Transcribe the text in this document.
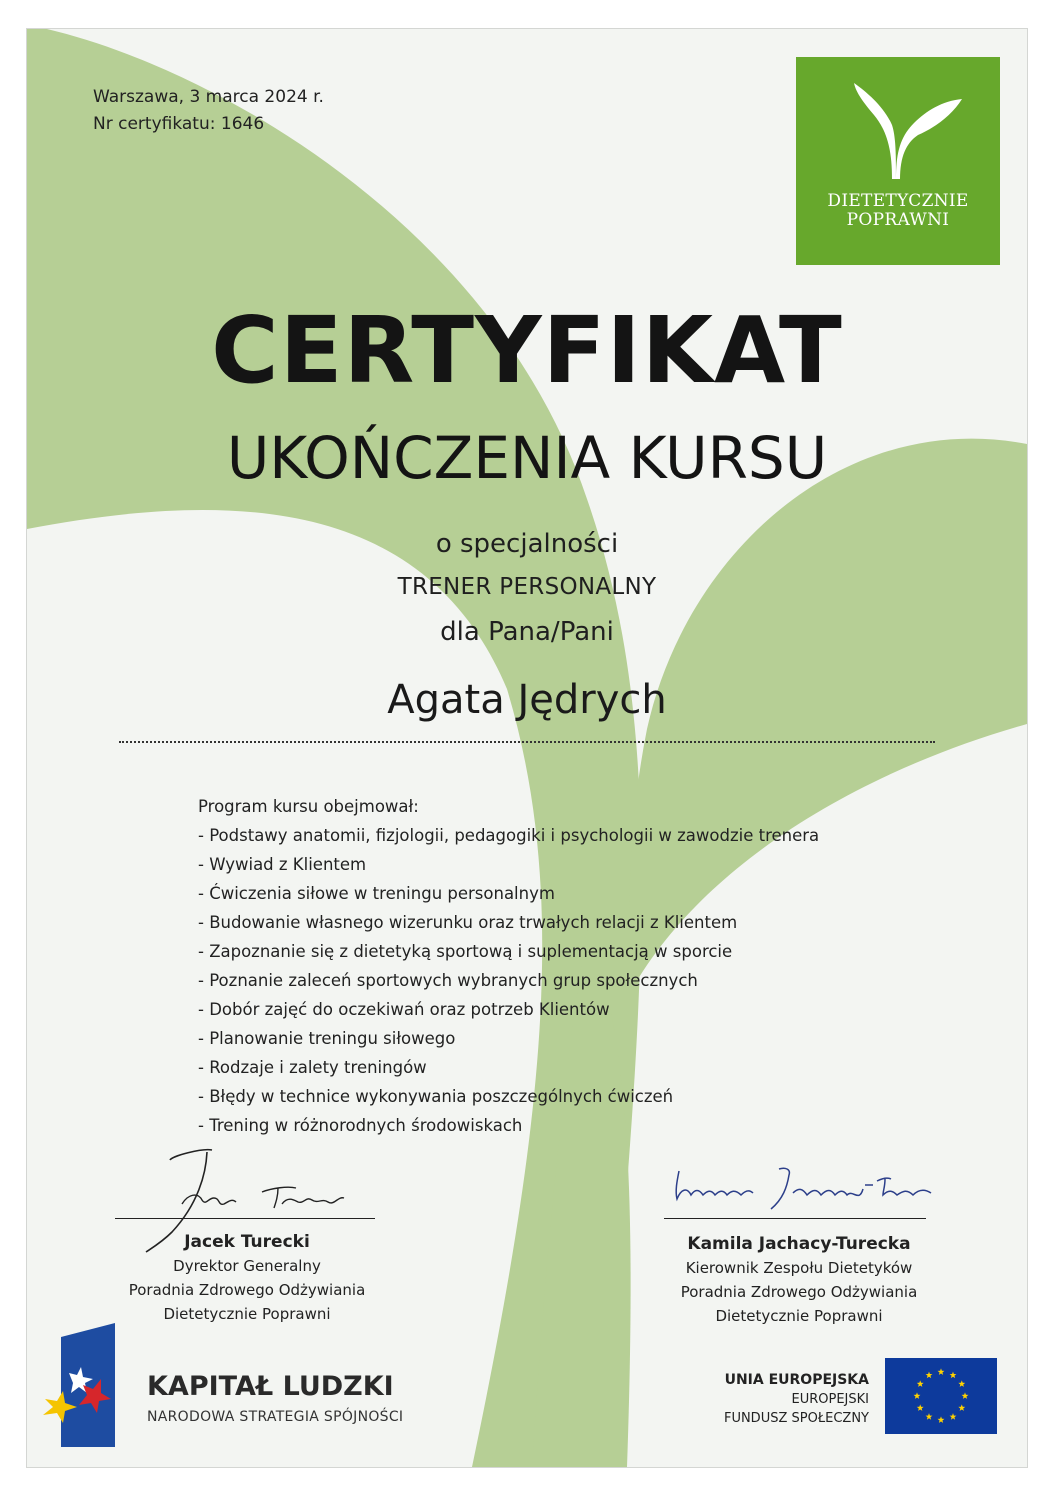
Warszawa, 3 marca 2024 r.
Nr certyfikatu: 1646
DIETETYCZNIE
POPRAWNI
CERTYFIKAT
UKOŃCZENIA KURSU
o specjalności
TRENER PERSONALNY
dla Pana/Pani
Agata Jędrych
Program kursu obejmował:
- Podstawy anatomii, fizjologii, pedagogiki i psychologii w zawodzie trenera
- Wywiad z Klientem
- Ćwiczenia siłowe w treningu personalnym
- Budowanie własnego wizerunku oraz trwałych relacji z Klientem
- Zapoznanie się z dietetyką sportową i suplementacją w sporcie
- Poznanie zaleceń sportowych wybranych grup społecznych
- Dobór zajęć do oczekiwań oraz potrzeb Klientów
- Planowanie treningu siłowego
- Rodzaje i zalety treningów
- Błędy w technice wykonywania poszczególnych ćwiczeń
- Trening w różnorodnych środowiskach
Jacek Turecki
Dyrektor Generalny
Poradnia Zdrowego Odżywiania
Dietetycznie Poprawni
Kamila Jachacy-Turecka
Kierownik Zespołu Dietetyków
Poradnia Zdrowego Odżywiania
Dietetycznie Poprawni
KAPITAŁ LUDZKI
NARODOWA STRATEGIA SPÓJNOŚCI
UNIA EUROPEJSKA
EUROPEJSKI
FUNDUSZ SPOŁECZNY
